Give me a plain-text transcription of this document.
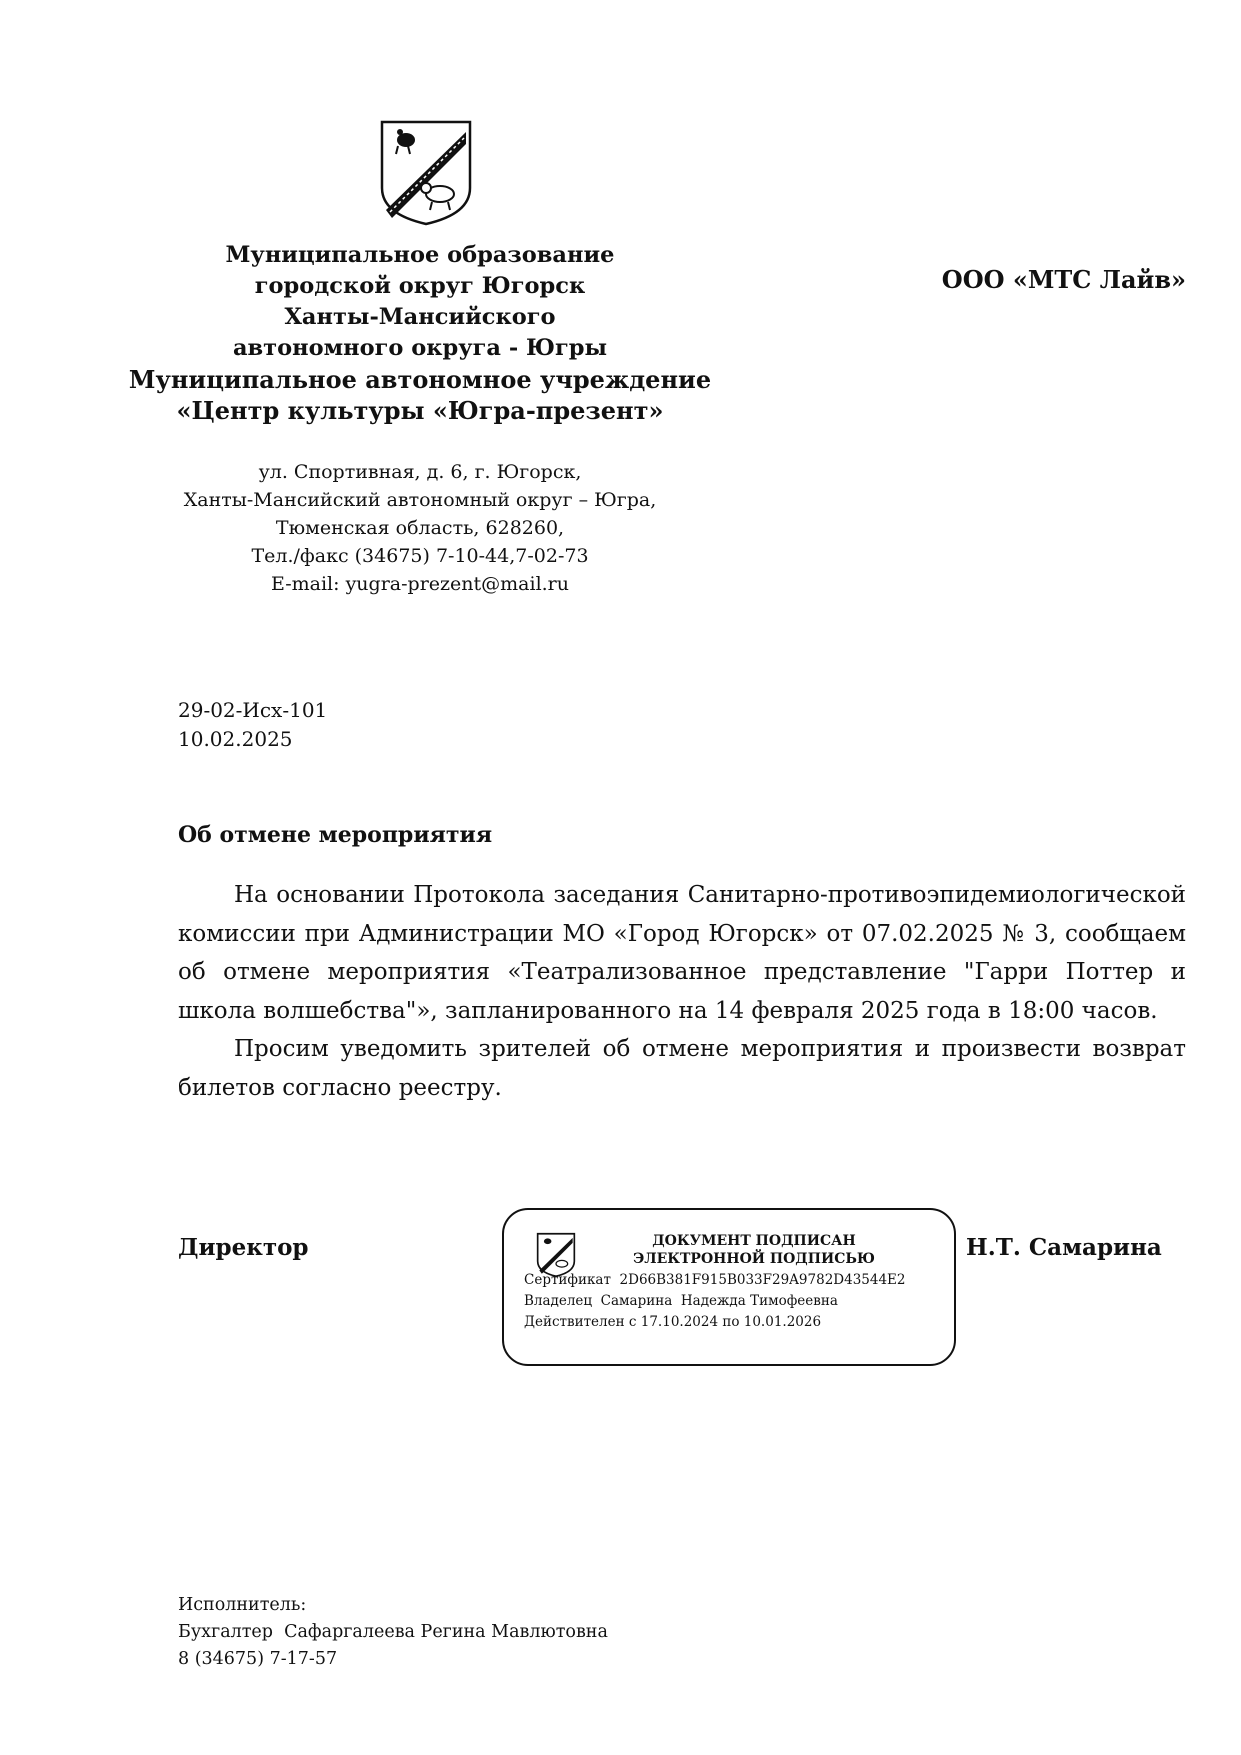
Муниципальное образование
городской округ Югорск
Ханты-Мансийского
автономного округа - Югры
Муниципальное автономное учреждение
«Центр культуры «Югра-презент»
ул. Спортивная, д. 6, г. Югорск,
Ханты-Мансийский автономный округ – Югра,
Тюменская область, 628260,
Тел./факс (34675) 7-10-44,7-02-73
E-mail: yugra-prezent@mail.ru
ООО «МТС Лайв»
29-02-Исх-101
10.02.2025
Об отмене мероприятия

На основании Протокола заседания Санитарно-противоэпидемиологической комиссии при Администрации МО «Город Югорск» от 07.02.2025 № 3, сообщаем об отмене мероприятия «Театрализованное представление "Гарри Поттер и школа волшебства"», запланированного на 14 февраля 2025 года в 18:00 часов.

Просим уведомить зрителей об отмене мероприятия и произвести возврат билетов согласно реестру.

Директор	ДОКУМЕНТ ПОДПИСАН
ЭЛЕКТРОННОЙ ПОДПИСЬЮ
Сертификат  2D66B381F915B033F29A9782D43544E2
Владелец  Самарина  Надежда Тимофеевна
Действителен с 17.10.2024 по 10.01.2026
Н.Т. Самарина
Исполнитель:
Бухгалтер  Сафаргалеева Регина Мавлютовна
8 (34675) 7-17-57
